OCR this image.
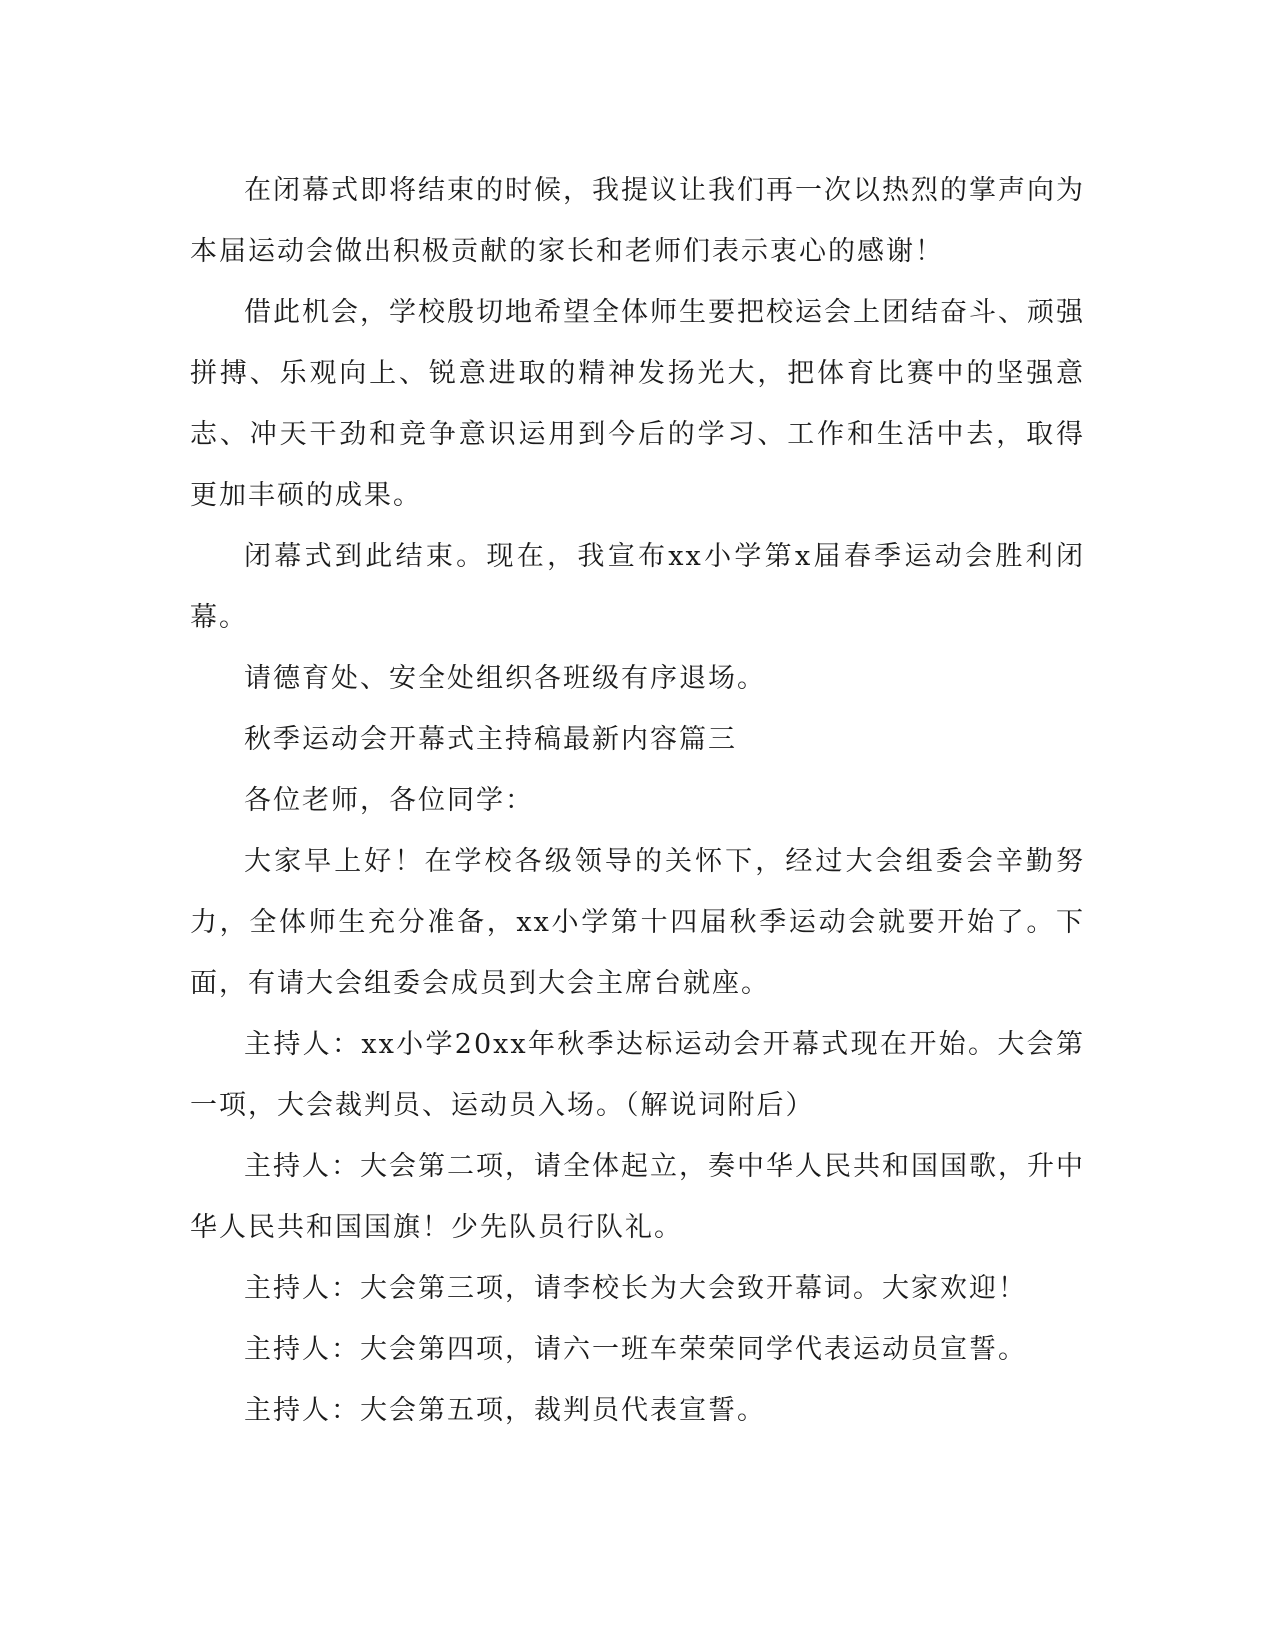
在闭幕式即将结束的时候，我提议让我们再一次以热烈的掌声向为本届运动会做出积极贡献的家长和老师们表示衷心的感谢！

借此机会，学校殷切地希望全体师生要把校运会上团结奋斗、顽强拼搏、乐观向上、锐意进取的精神发扬光大，把体育比赛中的坚强意志、冲天干劲和竞争意识运用到今后的学习、工作和生活中去，取得更加丰硕的成果。

闭幕式到此结束。现在，我宣布xx小学第x届春季运动会胜利闭幕。

请德育处、安全处组织各班级有序退场。

秋季运动会开幕式主持稿最新内容篇三

各位老师，各位同学：

大家早上好！在学校各级领导的关怀下，经过大会组委会辛勤努力，全体师生充分准备，xx小学第十四届秋季运动会就要开始了。下面，有请大会组委会成员到大会主席台就座。

主持人：xx小学20xx年秋季达标运动会开幕式现在开始。大会第一项，大会裁判员、运动员入场。（解说词附后）

主持人：大会第二项，请全体起立，奏中华人民共和国国歌，升中华人民共和国国旗！少先队员行队礼。

主持人：大会第三项，请李校长为大会致开幕词。大家欢迎！

主持人：大会第四项，请六一班车荣荣同学代表运动员宣誓。

主持人：大会第五项，裁判员代表宣誓。
